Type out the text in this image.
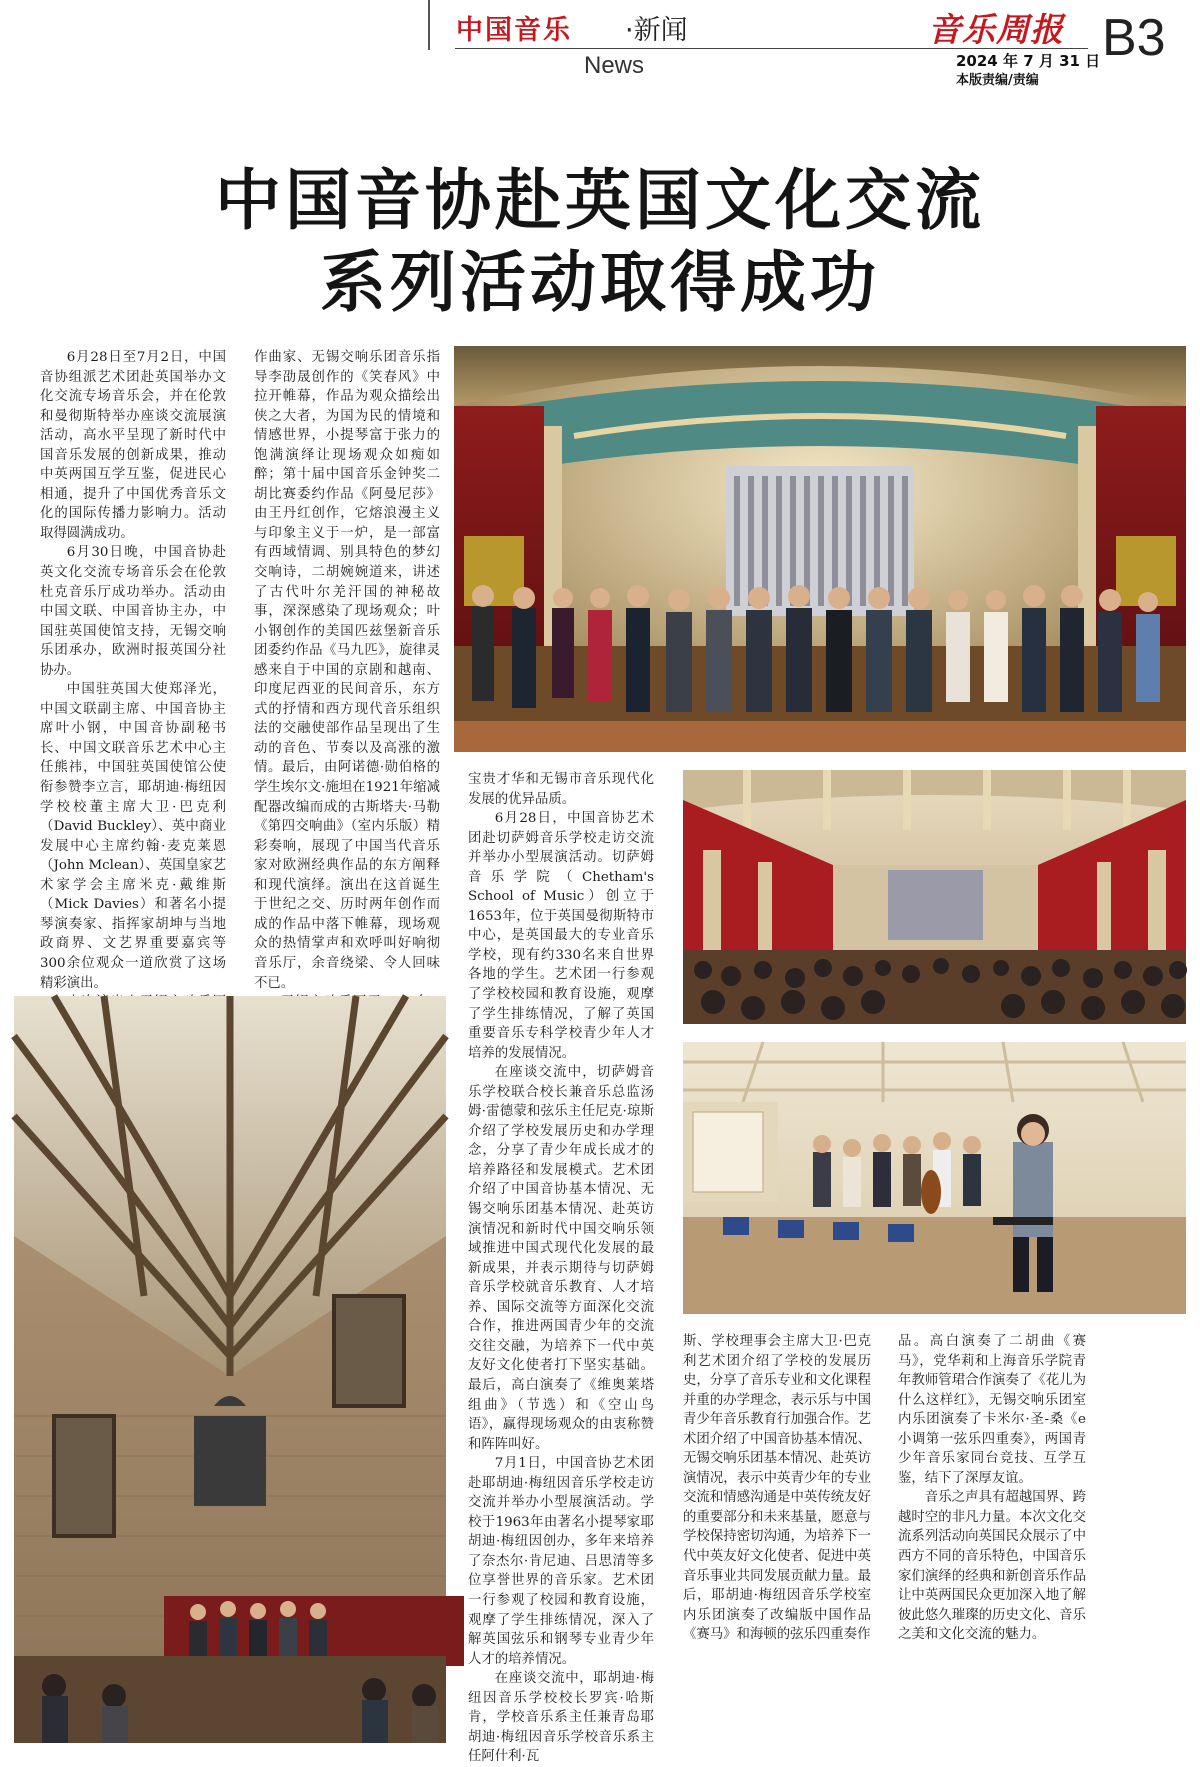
中国音乐 ·新闻
News
音乐周报
2024 年 7 月 31 日
本版责编/责编
B3
中国音协赴英国文化交流
系列活动取得成功

6月28日至7月2日，中国音协组派艺术团赴英国举办文化交流专场音乐会，并在伦敦和曼彻斯特举办座谈交流展演活动，高水平呈现了新时代中国音乐发展的创新成果，推动中英两国互学互鉴，促进民心相通，提升了中国优秀音乐文化的国际传播力影响力。活动取得圆满成功。

6月30日晚，中国音协赴英文化交流专场音乐会在伦敦杜克音乐厅成功举办。活动由中国文联、中国音协主办，中国驻英国使馆支持，无锡交响乐团承办，欧洲时报英国分社协办。

中国驻英国大使郑泽光，中国文联副主席、中国音协主席叶小钢，中国音协副秘书长、中国文联音乐艺术中心主任熊祎，中国驻英国使馆公使衔参赞李立言，耶胡迪·梅纽因学校校董主席大卫·巴克利（David Buckley）、英中商业发展中心主席约翰·麦克莱恩（John Mclean）、英国皇家艺术家学会主席米克·戴维斯（Mick Davies）和著名小提琴演奏家、指挥家胡坤与当地政商界、文艺界重要嘉宾等300余位观众一道欣赏了这场精彩演出。

作曲家、无锡交响乐团音乐指导李劭晟创作的《笑春风》中拉开帷幕，作品为观众描绘出侠之大者，为国为民的情境和情感世界，小提琴富于张力的饱满演绎让现场观众如痴如醉；第十届中国音乐金钟奖二胡比赛委约作品《阿曼尼莎》由王丹红创作，它熔浪漫主义与印象主义于一炉，是一部富有西域情调、别具特色的梦幻交响诗，二胡婉婉道来，讲述了古代叶尔羌汗国的神秘故事，深深感染了现场观众；叶小钢创作的美国匹兹堡新音乐团委约作品《马九匹》，旋律灵感来自于中国的京剧和越南、印度尼西亚的民间音乐，东方式的抒情和西方现代音乐组织法的交融使部作品呈现出了生动的音色、节奏以及高涨的激情。最后，由阿诺德·勋伯格的学生埃尔文·施坦在1921年缩减配器改编而成的古斯塔夫·马勒《第四交响曲》（室内乐版）精彩奏响，展现了中国当代音乐家对欧洲经典作品的东方阐释和现代演绎。演出在这首诞生于世纪之交、历时两年创作而成的作品中落下帷幕，现场观众的热情掌声和欢呼叫好响彻音乐厅，余音绕梁、令人回味不已。

宝贵才华和无锡市音乐现代化发展的优异品质。

6月28日，中国音协艺术团赴切萨姆音乐学校走访交流并举办小型展演活动。切萨姆音乐学院（Chetham's School of Music）创立于1653年，位于英国曼彻斯特市中心，是英国最大的专业音乐学校，现有约330名来自世界各地的学生。艺术团一行参观了学校校园和教育设施，观摩了学生排练情况，了解了英国重要音乐专科学校青少年人才培养的发展情况。

在座谈交流中，切萨姆音乐学校联合校长兼音乐总监汤姆·雷德蒙和弦乐主任尼克·琼斯介绍了学校发展历史和办学理念，分享了青少年成长成才的培养路径和发展模式。艺术团介绍了中国音协基本情况、无锡交响乐团基本情况、赴英访演情况和新时代中国交响乐领域推进中国式现代化发展的最新成果，并表示期待与切萨姆音乐学校就音乐教育、人才培养、国际交流等方面深化交流合作，推进两国青少年的交流交往交融，为培养下一代中英友好文化使者打下坚实基础。最后，高白演奏了《维奥莱塔组曲》（节选）和《空山鸟语》，赢得现场观众的由衷称赞和阵阵叫好。

7月1日，中国音协艺术团赴耶胡迪·梅纽因音乐学校走访交流并举办小型展演活动。学校于1963年由著名小提琴家耶胡迪·梅纽因创办，多年来培养了奈杰尔·肯尼迪、吕思清等多位享誉世界的音乐家。艺术团一行参观了校园和教育设施，观摩了学生排练情况，深入了解英国弦乐和钢琴专业青少年人才的培养情况。

在座谈交流中，耶胡迪·梅纽因音乐学校校长罗宾·哈斯肯，学校音乐系主任兼青岛耶胡迪·梅纽因音乐学校音乐系主任阿什利·瓦

斯、学校理事会主席大卫·巴克利艺术团介绍了学校的发展历史，分享了音乐专业和文化课程并重的办学理念，表示乐与中国青少年音乐教育行加强合作。艺术团介绍了中国音协基本情况、无锡交响乐团基本情况、赴英访演情况，表示中英青少年的专业交流和情感沟通是中英传统友好的重要部分和未来基量，愿意与学校保持密切沟通，为培养下一代中英友好文化使者、促进中英音乐事业共同发展贡献力量。最后，耶胡迪·梅纽因音乐学校室内乐团演奏了改编版中国作品《赛马》和海顿的弦乐四重奏作

品。高白演奏了二胡曲《赛马》，党华莉和上海音乐学院青年教师管珺合作演奏了《花儿为什么这样红》，无锡交响乐团室内乐团演奏了卡米尔·圣-桑《e小调第一弦乐四重奏》，两国青少年音乐家同台竞技、互学互鉴，结下了深厚友谊。

音乐之声具有超越国界、跨越时空的非凡力量。本次文化交流系列活动向英国民众展示了中西方不同的音乐特色，中国音乐家们演绎的经典和新创音乐作品让中英两国民众更加深入地了解彼此悠久璀璨的历史文化、音乐之美和文化交流的魅力。
